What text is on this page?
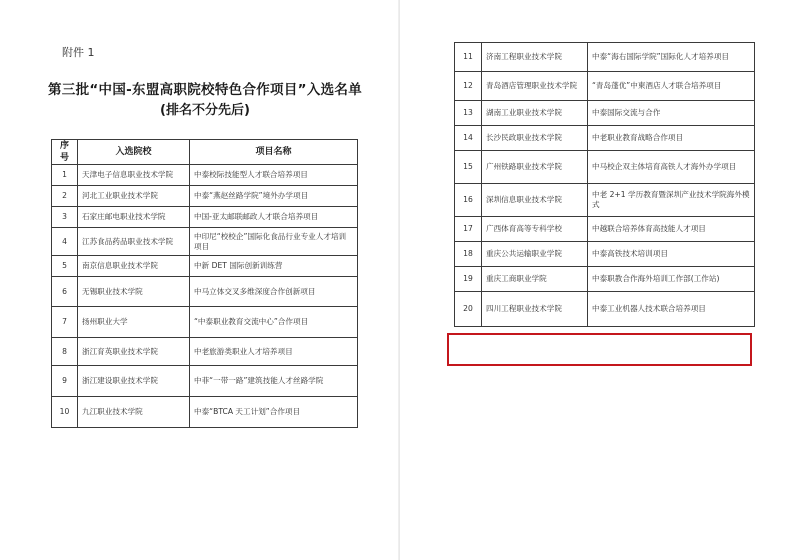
附件 1
第三批“中国-东盟高职院校特色合作项目”入选名单
(排名不分先后)
序号	入选院校	项目名称
1	天津电子信息职业技术学院	中泰校际技能型人才联合培养项目
2	河北工业职业技术学院	中泰“燕赵丝路学院”境外办学项目
3	石家庄邮电职业技术学院	中国-亚太邮联邮政人才联合培养项目
4	江苏食品药品职业技术学院	中印尼“校校企”国际化食品行业专业人才培训项目
5	南京信息职业技术学院	中新 DET 国际创新训练营
6	无锡职业技术学院	中马立体交叉多维深度合作创新项目
7	扬州职业大学	“中泰职业教育交流中心”合作项目
8	浙江育英职业技术学院	中老旅游类职业人才培养项目
9	浙江建设职业技术学院	中菲“一带一路”建筑技能人才丝路学院
10	九江职业技术学院	中泰“BTCA 天工计划”合作项目
11	济南工程职业技术学院	中泰“海右国际学院”国际化人才培养项目
12	青岛酒店管理职业技术学院	“青岛蓬优”中柬酒店人才联合培养项目
13	湖南工业职业技术学院	中泰国际交流与合作
14	长沙民政职业技术学院	中老职业教育战略合作项目
15	广州铁路职业技术学院	中马校企双主体培育高铁人才海外办学项目
16	深圳信息职业技术学院	中老 2+1 学历教育暨深圳产业技术学院海外模式
17	广西体育高等专科学校	中越联合培养体育高技能人才项目
18	重庆公共运输职业学院	中泰高铁技术培训项目
19	重庆工商职业学院	中泰职教合作海外培训工作部(工作站)
20	四川工程职业技术学院	中泰工业机器人技术联合培养项目
